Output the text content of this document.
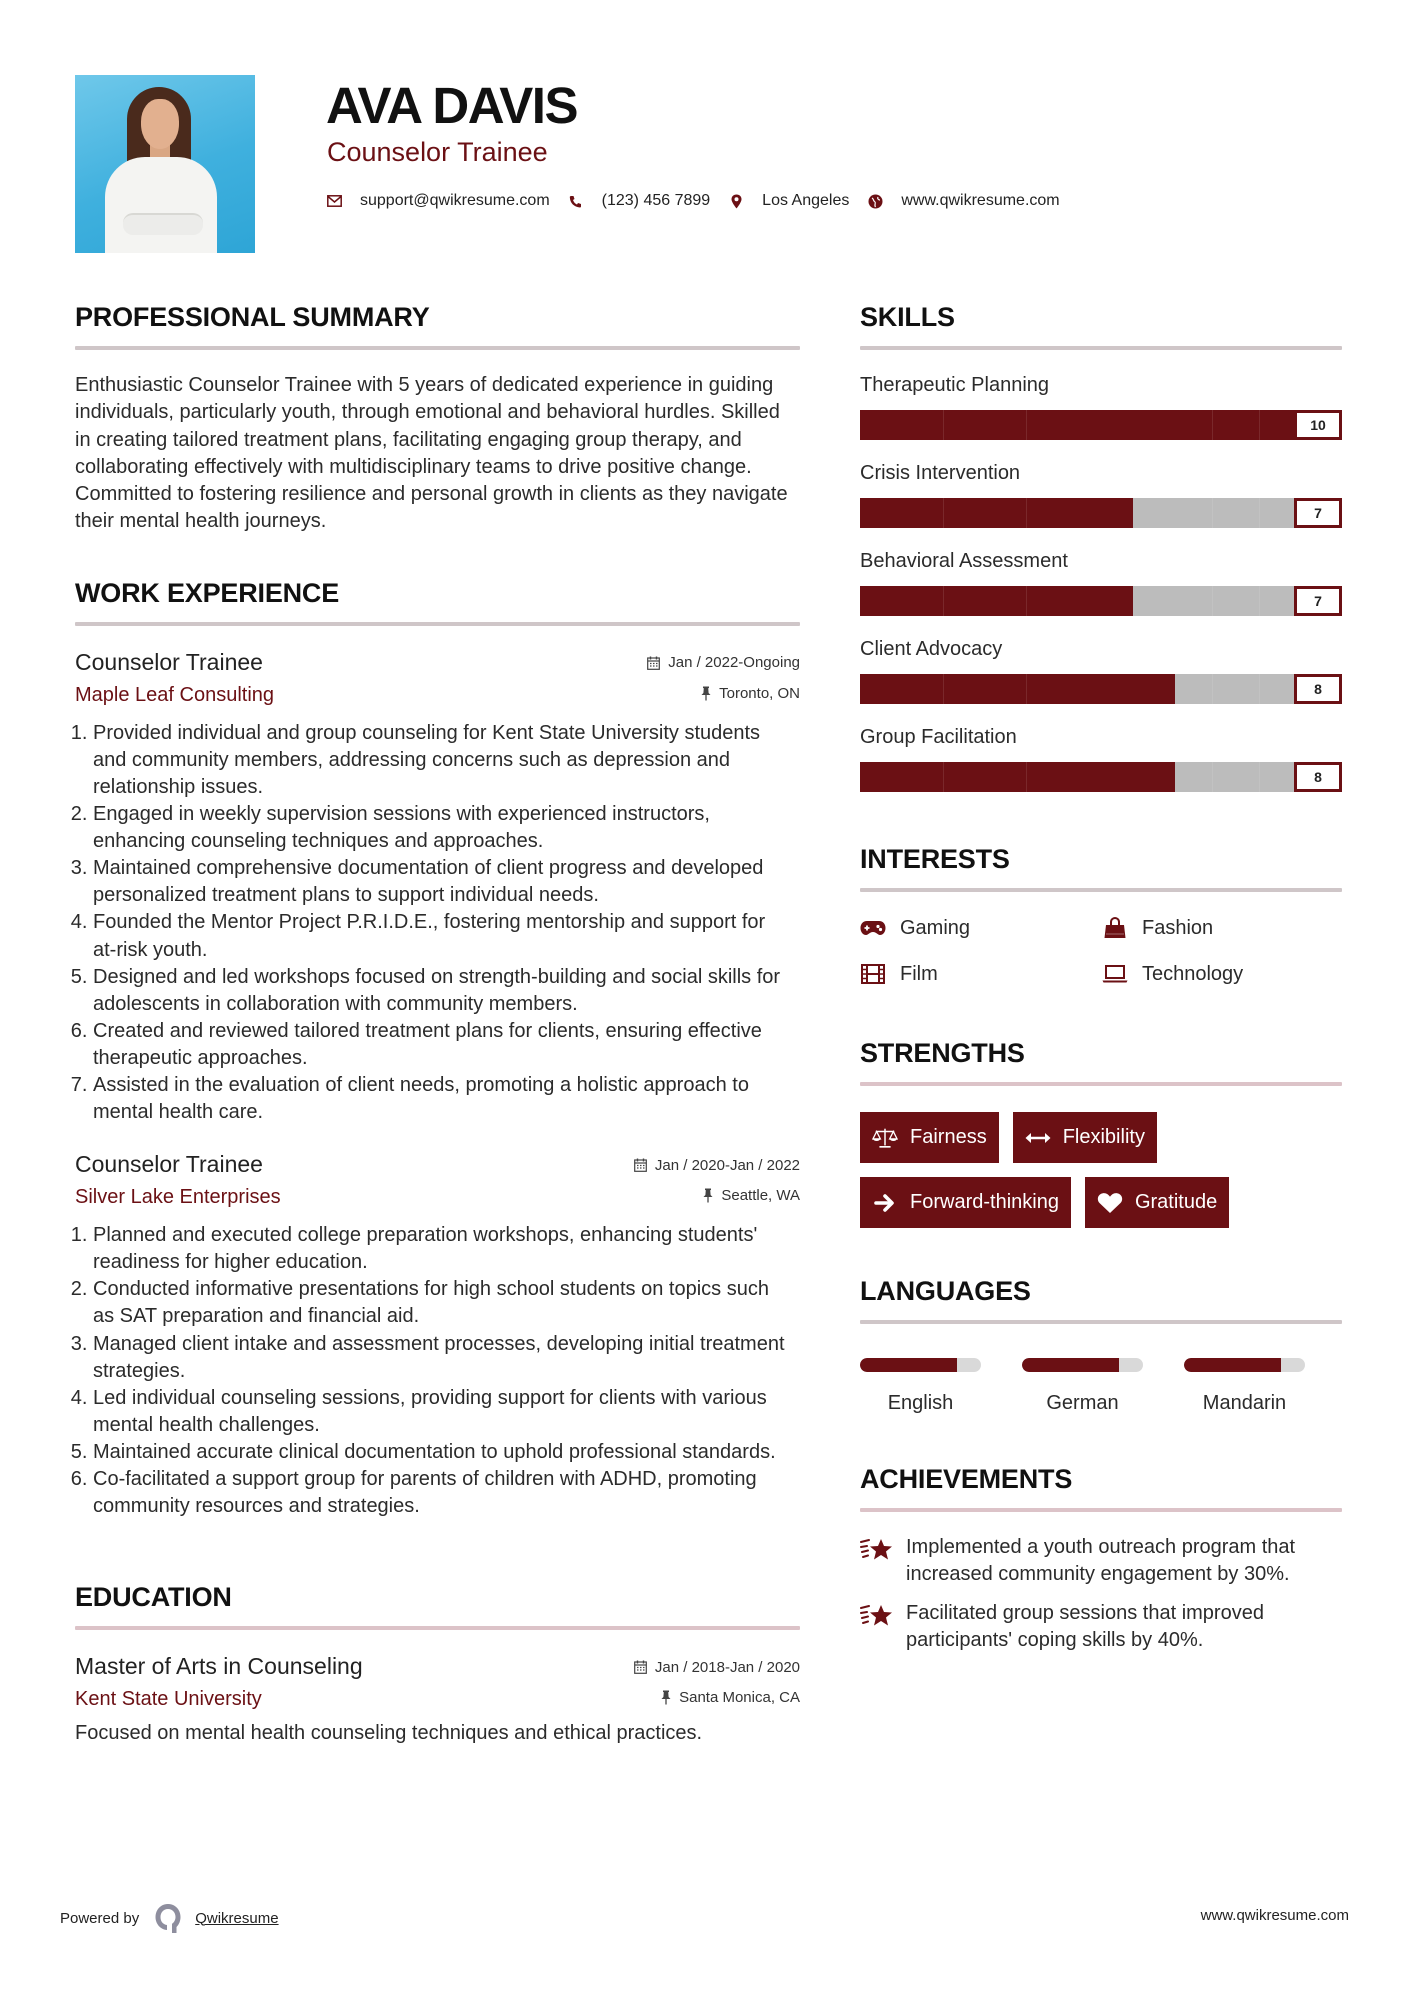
AVA DAVIS
Counselor Trainee
support@qwikresume.com	(123) 456 7899	Los Angeles	www.qwikresume.com
PROFESSIONAL SUMMARY

Enthusiastic Counselor Trainee with 5 years of dedicated experience in guiding individuals, particularly youth, through emotional and behavioral hurdles. Skilled in creating tailored treatment plans, facilitating engaging group therapy, and collaborating effectively with multidisciplinary teams to drive positive change. Committed to fostering resilience and personal growth in clients as they navigate their mental health journeys.

WORK EXPERIENCE
Counselor Trainee	Jan / 2022-Ongoing
Maple Leaf Consulting	Toronto, ON
1. Provided individual and group counseling for Kent State University students and community members, addressing concerns such as depression and relationship issues.
2. Engaged in weekly supervision sessions with experienced instructors, enhancing counseling techniques and approaches.
3. Maintained comprehensive documentation of client progress and developed personalized treatment plans to support individual needs.
4. Founded the Mentor Project P.R.I.D.E., fostering mentorship and support for at-risk youth.
5. Designed and led workshops focused on strength-building and social skills for adolescents in collaboration with community members.
6. Created and reviewed tailored treatment plans for clients, ensuring effective therapeutic approaches.
7. Assisted in the evaluation of client needs, promoting a holistic approach to mental health care.
Counselor Trainee	Jan / 2020-Jan / 2022
Silver Lake Enterprises	Seattle, WA
1. Planned and executed college preparation workshops, enhancing students' readiness for higher education.
2. Conducted informative presentations for high school students on topics such as SAT preparation and financial aid.
3. Managed client intake and assessment processes, developing initial treatment strategies.
4. Led individual counseling sessions, providing support for clients with various mental health challenges.
5. Maintained accurate clinical documentation to uphold professional standards.
6. Co-facilitated a support group for parents of children with ADHD, promoting community resources and strategies.
EDUCATION
Master of Arts in Counseling	Jan / 2018-Jan / 2020
Kent State University	Santa Monica, CA

Focused on mental health counseling techniques and ethical practices.

SKILLS
Therapeutic Planning
10
Crisis Intervention
7
Behavioral Assessment
7
Client Advocacy
8
Group Facilitation
8
INTERESTS
Gaming	Fashion
Film	Technology
STRENGTHS
Fairness	Flexibility
Forward-thinking	Gratitude
LANGUAGES
English	German	Mandarin
ACHIEVEMENTS
Implemented a youth outreach program that increased community engagement by 30%.
Facilitated group sessions that improved participants' coping skills by 40%.
Powered by	Qwikresume	www.qwikresume.com
